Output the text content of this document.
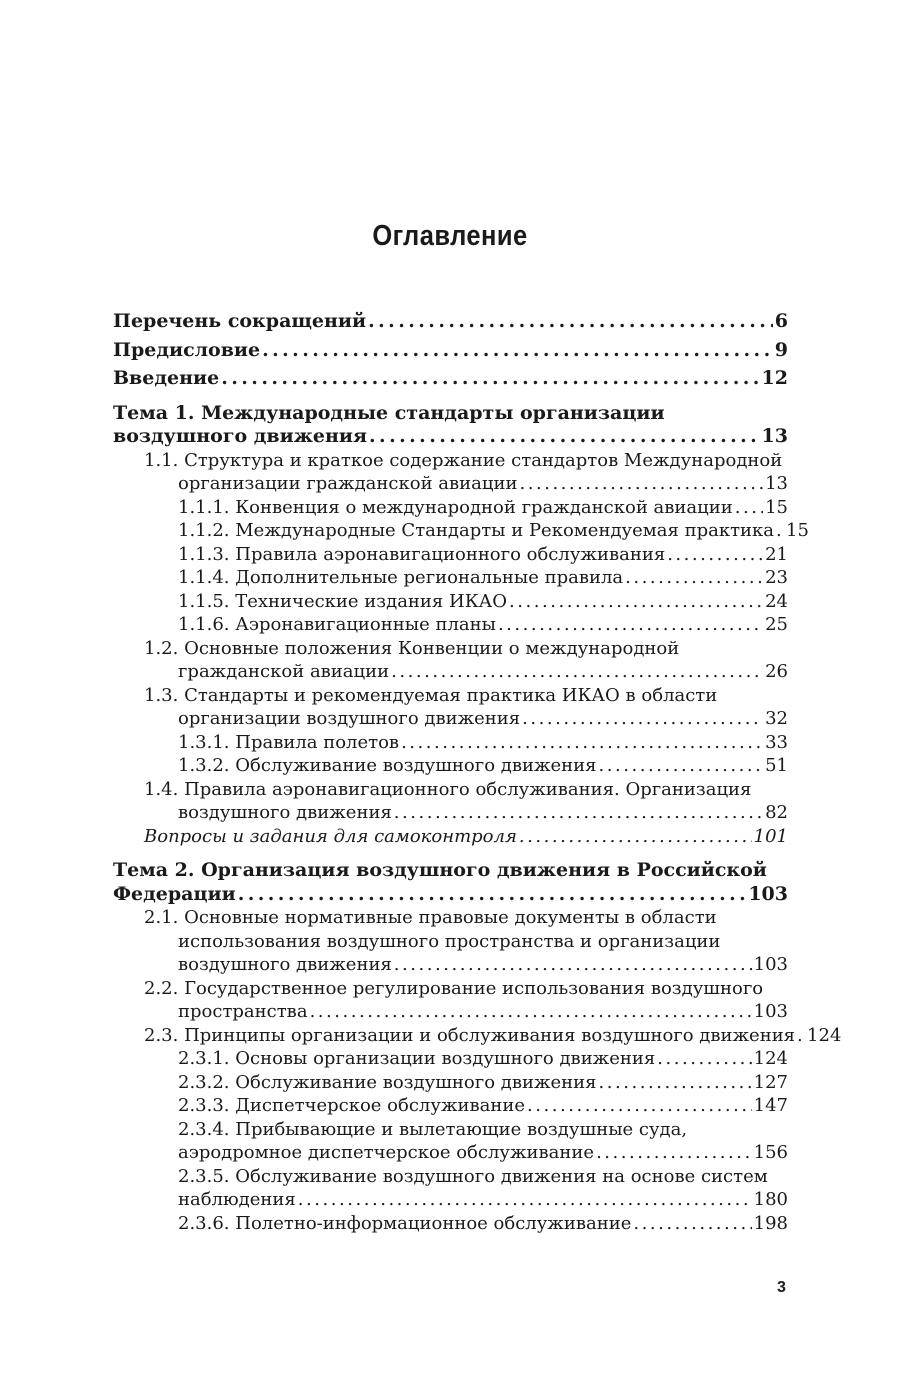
Оглавление
Перечень сокращений . . .	6
Предисловие . . .	9
Введение . . .	12
Тема 1. Международные стандарты организации
воздушного движения . . .	13
1.1. Структура и краткое содержание стандартов Международной
организации гражданской авиации . . .	13
1.1.1. Конвенция о международной гражданской авиации . . . 15
1.1.2. Международные Стандарты и Рекомендуемая практика . . . 15
1.1.3. Правила аэронавигационного обслуживания . . .	21
1.1.4. Дополнительные региональные правила . . .	23
1.1.5. Технические издания ИКАО . . .	24
1.1.6. Аэронавигационные планы . . .	25
1.2. Основные положения Конвенции о международной
гражданской авиации . . .	26
1.3. Стандарты и рекомендуемая практика ИКАО в области
организации воздушного движения . . .	32
1.3.1. Правила полетов . . .	33
1.3.2. Обслуживание воздушного движения . . .	51
1.4. Правила аэронавигационного обслуживания. Организация
воздушного движения . . .	82
Вопросы и задания для самоконтроля . . .	101
Тема 2. Организация воздушного движения в Российской
Федерации . . .	103
2.1. Основные нормативные правовые документы в области
использования воздушного пространства и организации
воздушного движения . . .	103
2.2. Государственное регулирование использования воздушного
пространства . . .	103
2.3. Принципы организации и обслуживания воздушного движения . . . 124
2.3.1. Основы организации воздушного движения . . .	124
2.3.2. Обслуживание воздушного движения . . .	127
2.3.3. Диспетчерское обслуживание . . .	147
2.3.4. Прибывающие и вылетающие воздушные суда,
аэродромное диспетчерское обслуживание . . .	156
2.3.5. Обслуживание воздушного движения на основе систем
наблюдения . . .	180
2.3.6. Полетно-информационное обслуживание . . .	198
3
